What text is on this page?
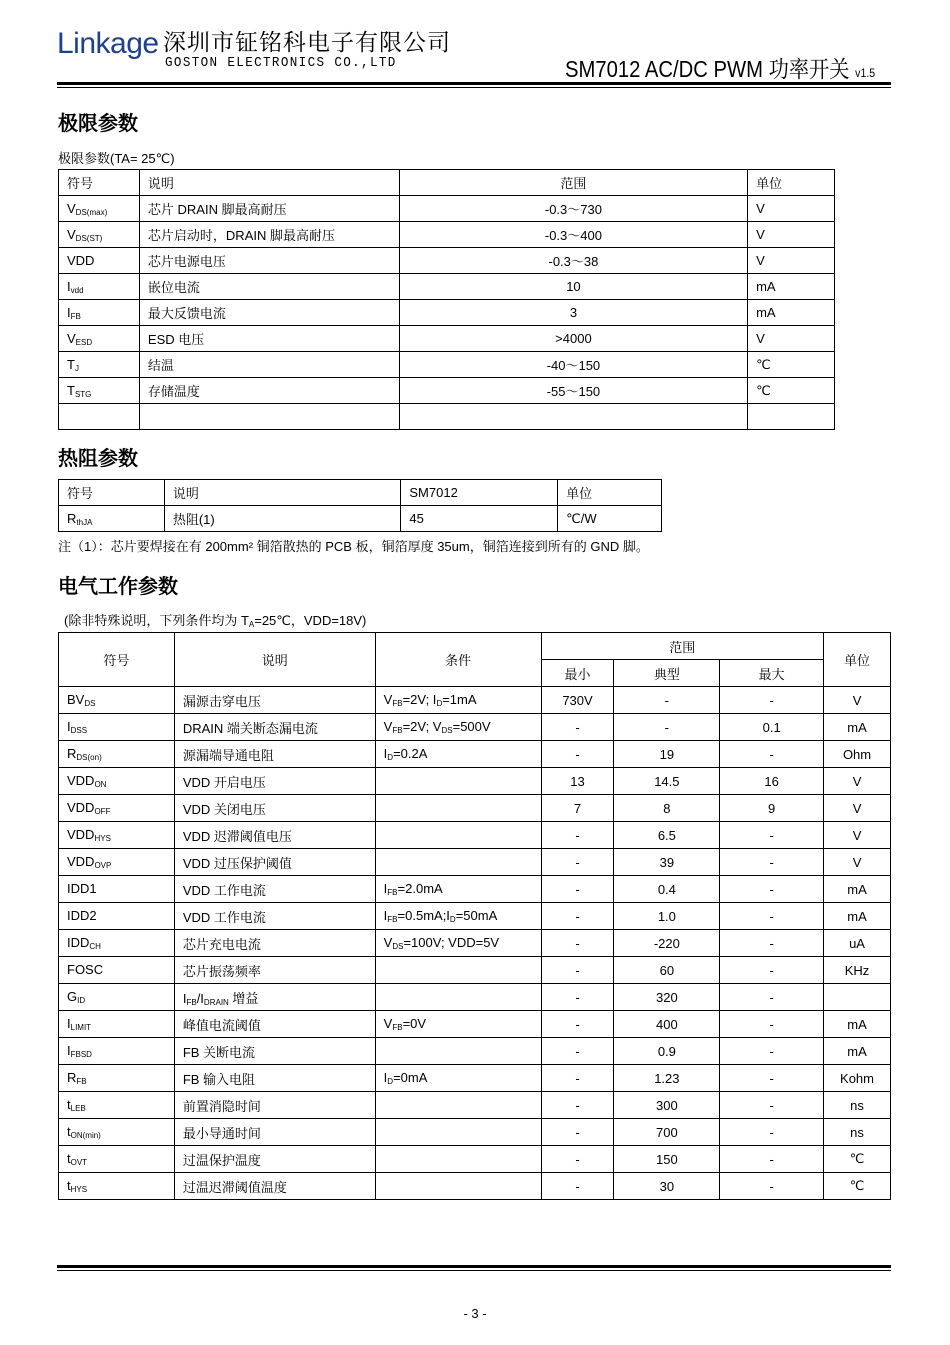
Linkage 深圳市钲铭科电子有限公司
GOSTON ELECTRONICS CO.,LTD	SM7012 AC/DC PWM 功率开关 v1.5
极限参数
极限参数(TA= 25℃)
符号	说明	范围	单位
$V_{DS(max)}$	芯片 DRAIN 脚最高耐压	-0.3～730	V
$V_{DS(ST)}$	芯片启动时，DRAIN 脚最高耐压	-0.3～400	V
VDD	芯片电源电压	-0.3～38	V
$I_{vdd}$	嵌位电流	10	mA
$I_{FB}$	最大反馈电流	3	mA
$V_{ESD}$	ESD 电压	>4000	V
$T_J$	结温	-40～150	℃
$T_{STG}$	存储温度	-55～150	℃

热阻参数
符号	说明	SM7012	单位
$R_{thJA}$	热阻(1)	45	℃/W
注（1）：芯片要焊接在有 200mm² 铜箔散热的 PCB 板，铜箔厚度 35um，铜箔连接到所有的 GND 脚。
电气工作参数
(除非特殊说明，下列条件均为 $T_A=25℃$，VDD=18V)
符号	说明	条件	范围			单位
			最小	典型	最大	
$BV_{DS}$	漏源击穿电压	$V_{FB}=2V$; $I_D=1mA$	730V	-	-	V
$I_{DSS}$	DRAIN 端关断态漏电流	$V_{FB}=2V$; $V_{DS}=500V$	-	-	0.1	mA
$R_{DS(on)}$	源漏端导通电阻	$I_D=0.2A$	-	19	-	Ohm
$VDD_{ON}$	VDD 开启电压		13	14.5	16	V
$VDD_{OFF}$	VDD 关闭电压		7	8	9	V
$VDD_{HYS}$	VDD 迟滞阈值电压		-	6.5	-	V
$VDD_{OVP}$	VDD 过压保护阈值		-	39	-	V
IDD1	VDD 工作电流	$I_{FB}=2.0mA$	-	0.4	-	mA
IDD2	VDD 工作电流	$I_{FB}=0.5mA;I_D=50mA$	-	1.0	-	mA
$IDD_{CH}$	芯片充电电流	$V_{DS}=100V$; VDD=5V	-	-220	-	uA
FOSC	芯片振荡频率		-	60	-	KHz
$G_{ID}$	$I_{FB}/I_{DRAIN}$ 增益		-	320	-	
$I_{LIMIT}$	峰值电流阈值	$V_{FB}=0V$	-	400	-	mA
$I_{FBSD}$	FB 关断电流		-	0.9	-	mA
$R_{FB}$	FB 输入电阻	$I_D=0mA$	-	1.23	-	Kohm
$t_{LEB}$	前置消隐时间		-	300	-	ns
$t_{ON(min)}$	最小导通时间		-	700	-	ns
$t_{OVT}$	过温保护温度		-	150	-	℃
$t_{HYS}$	过温迟滞阈值温度		-	30	-	℃
- 3 -
